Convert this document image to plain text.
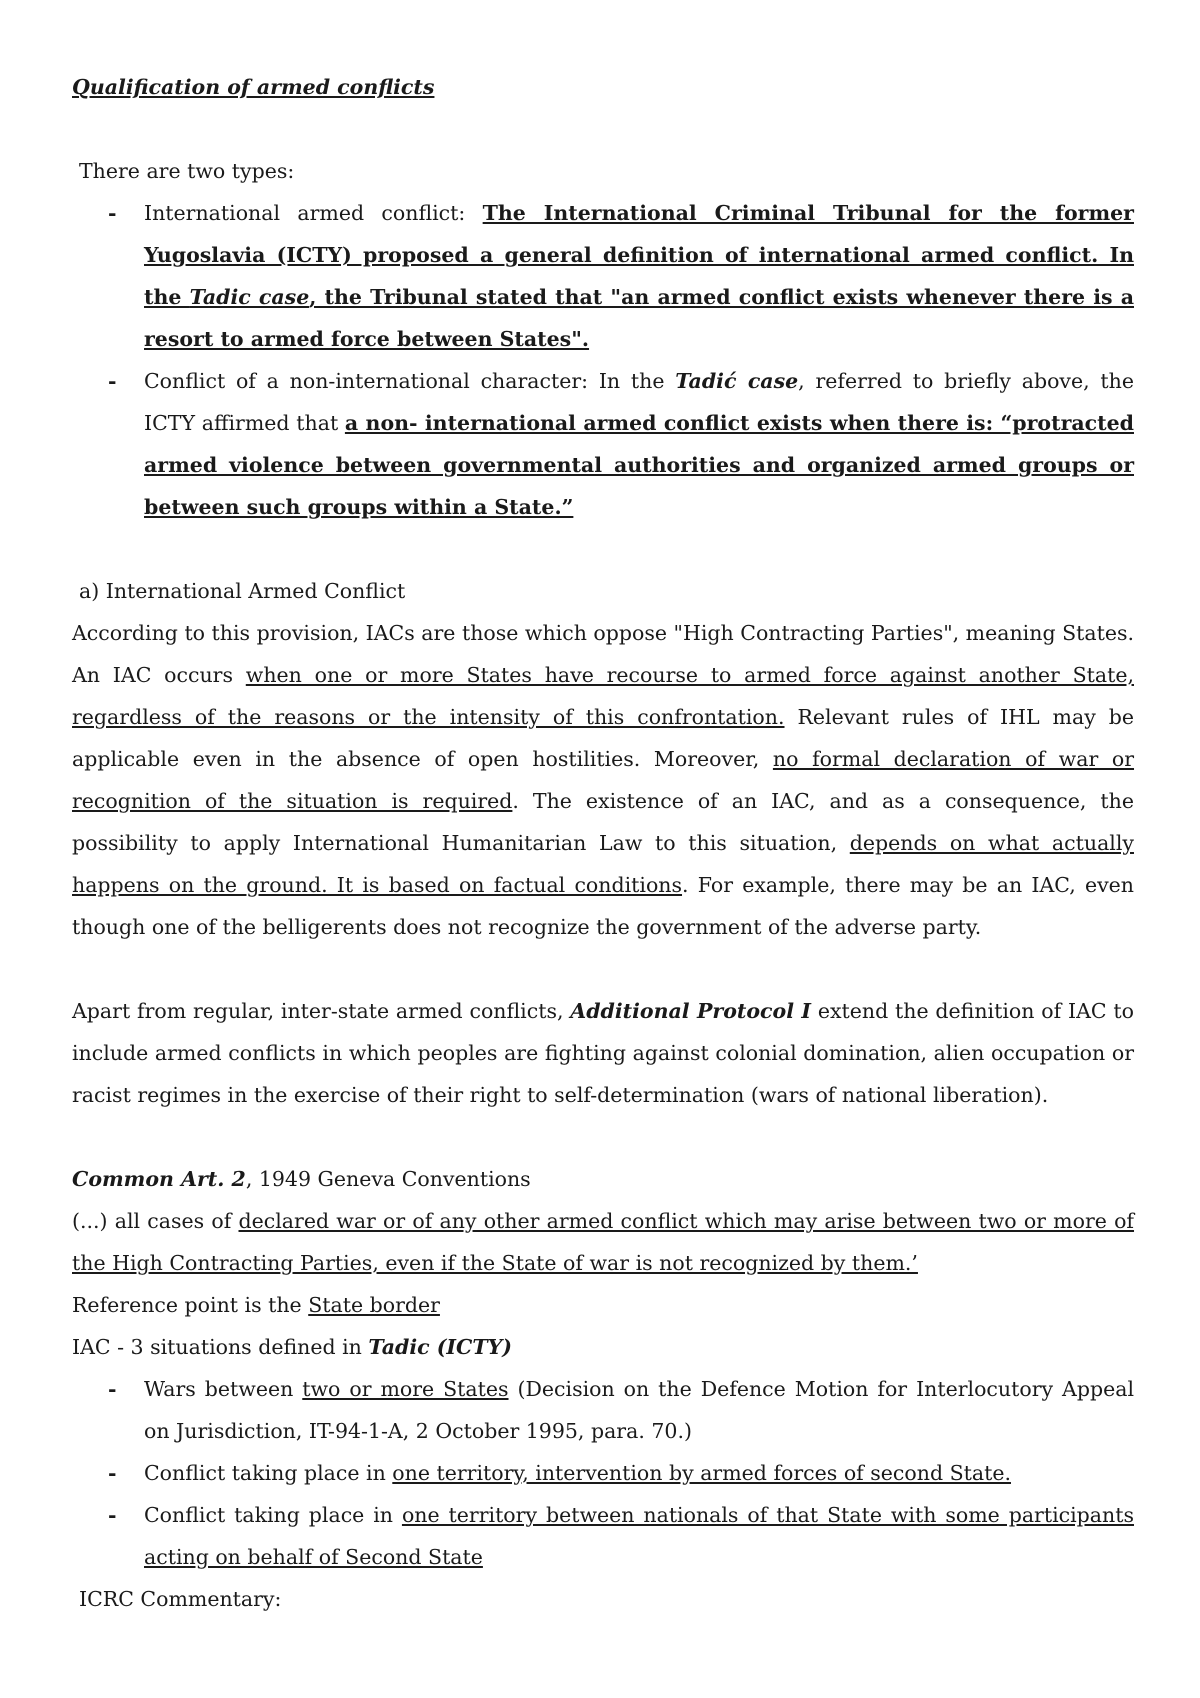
Qualification of armed conflicts

There are two types:

- International armed conflict: The International Criminal Tribunal for the former Yugoslavia (ICTY) proposed a general definition of international armed conflict. In the Tadic case, the Tribunal stated that "an armed conflict exists whenever there is a resort to armed force between States".

- Conflict of a non-international character: In the Tadić case, referred to briefly above, the ICTY affirmed that a non- international armed conflict exists when there is: “protracted armed violence between governmental authorities and organized armed groups or between such groups within a State.”

a) International Armed Conflict

According to this provision, IACs are those which oppose "High Contracting Parties", meaning States. An IAC occurs when one or more States have recourse to armed force against another State, regardless of the reasons or the intensity of this confrontation. Relevant rules of IHL may be applicable even in the absence of open hostilities. Moreover, no formal declaration of war or recognition of the situation is required. The existence of an IAC, and as a consequence, the possibility to apply International Humanitarian Law to this situation, depends on what actually happens on the ground. It is based on factual conditions. For example, there may be an IAC, even though one of the belligerents does not recognize the government of the adverse party.

Apart from regular, inter-state armed conflicts, Additional Protocol I extend the definition of IAC to include armed conflicts in which peoples are fighting against colonial domination, alien occupation or racist regimes in the exercise of their right to self-determination (wars of national liberation).

Common Art. 2, 1949 Geneva Conventions

(...) all cases of declared war or of any other armed conflict which may arise between two or more of the High Contracting Parties, even if the State of war is not recognized by them.’

Reference point is the State border

IAC - 3 situations defined in Tadic (ICTY)

- Wars between two or more States (Decision on the Defence Motion for Interlocutory Appeal on Jurisdiction, IT-94-1-A, 2 October 1995, para. 70.)

- Conflict taking place in one territory, intervention by armed forces of second State.

- Conflict taking place in one territory between nationals of that State with some participants acting on behalf of Second State

ICRC Commentary:
